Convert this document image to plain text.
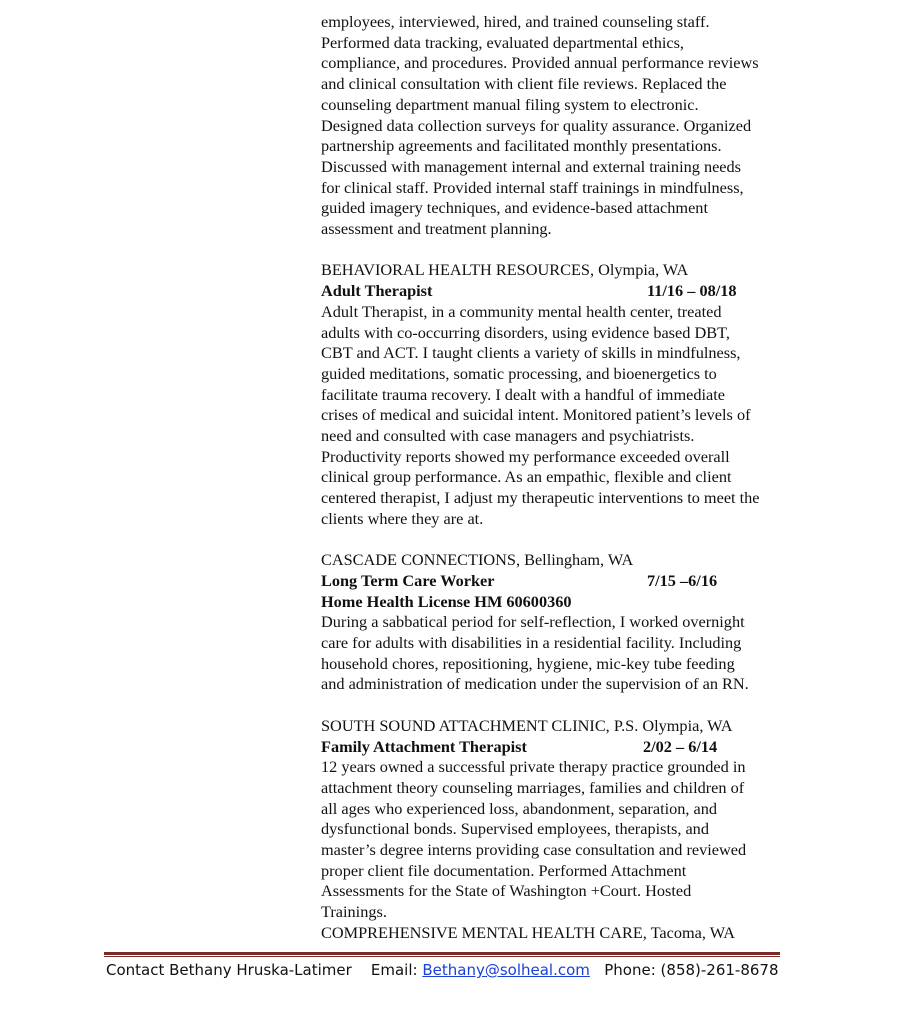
employees, interviewed, hired, and trained counseling staff.
Performed data tracking, evaluated departmental ethics,
compliance, and procedures. Provided annual performance reviews
and clinical consultation with client file reviews. Replaced the
counseling department manual filing system to electronic.
Designed data collection surveys for quality assurance. Organized
partnership agreements and facilitated monthly presentations.
Discussed with management internal and external training needs
for clinical staff. Provided internal staff trainings in mindfulness,
guided imagery techniques, and evidence-based attachment
assessment and treatment planning.
BEHAVIORAL HEALTH RESOURCES, Olympia, WA
Adult Therapist	11/16 – 08/18
Adult Therapist, in a community mental health center, treated
adults with co-occurring disorders, using evidence based DBT,
CBT and ACT. I taught clients a variety of skills in mindfulness,
guided meditations, somatic processing, and bioenergetics to
facilitate trauma recovery. I dealt with a handful of immediate
crises of medical and suicidal intent. Monitored patient’s levels of
need and consulted with case managers and psychiatrists.
Productivity reports showed my performance exceeded overall
clinical group performance. As an empathic, flexible and client
centered therapist, I adjust my therapeutic interventions to meet the
clients where they are at.
CASCADE CONNECTIONS, Bellingham, WA
Long Term Care Worker	7/15 –6/16
Home Health License HM 60600360
During a sabbatical period for self-reflection, I worked overnight
care for adults with disabilities in a residential facility. Including
household chores, repositioning, hygiene, mic-key tube feeding
and administration of medication under the supervision of an RN.
SOUTH SOUND ATTACHMENT CLINIC, P.S. Olympia, WA
Family Attachment Therapist	2/02 – 6/14
12 years owned a successful private therapy practice grounded in
attachment theory counseling marriages, families and children of
all ages who experienced loss, abandonment, separation, and
dysfunctional bonds. Supervised employees, therapists, and
master’s degree interns providing case consultation and reviewed
proper client file documentation. Performed Attachment
Assessments for the State of Washington +Court. Hosted
Trainings.
COMPREHENSIVE MENTAL HEALTH CARE, Tacoma, WA
Contact Bethany Hruska-Latimer Email: Bethany@solheal.com Phone: (858)-261-8678
